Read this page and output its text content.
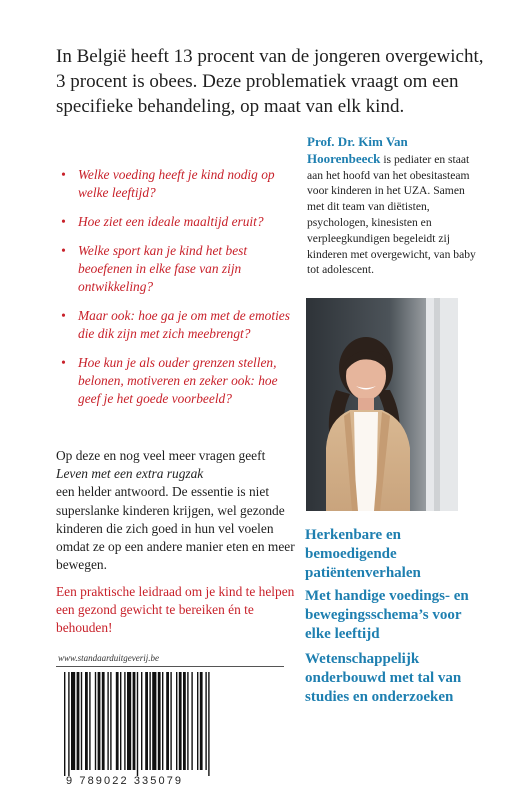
In België heeft 13 procent van de jongeren overgewicht, 3 procent is obees. Deze problematiek vraagt om een specifieke behandeling, op maat van elk kind.
• Welke voeding heeft je kind nodig op welke leeftijd?
• Hoe ziet een ideale maaltijd eruit?
• Welke sport kan je kind het best beoefenen in elke fase van zijn ontwikkeling?
• Maar ook: hoe ga je om met de emoties die dik zijn met zich meebrengt?
• Hoe kun je als ouder grenzen stellen, belonen, motiveren en zeker ook: hoe geef je het goede voorbeeld?
Prof. Dr. Kim Van Hoorenbeeck is pediater en staat aan het hoofd van het obesitasteam voor kinderen in het UZA. Samen met dit team van diëtisten, psychologen, kinesisten en verpleegkundigen begeleidt zij kinderen met overgewicht, van baby tot adolescent.
Op deze en nog veel meer vragen geeft
Leven met een extra rugzak
een helder antwoord. De essentie is niet superslanke kinderen krijgen, wel gezonde kinderen die zich goed in hun vel voelen omdat ze op een andere manier eten en meer bewegen.
Een praktische leidraad om je kind te helpen een gezond gewicht te bereiken én te behouden!
Herkenbare en bemoedigende patiëntenverhalen
Met handige voedings- en bewegingsschema’s voor elke leeftijd
Wetenschappelijk onderbouwd met tal van studies en onderzoeken
www.standaarduitgeverij.be
9 789022 335079
